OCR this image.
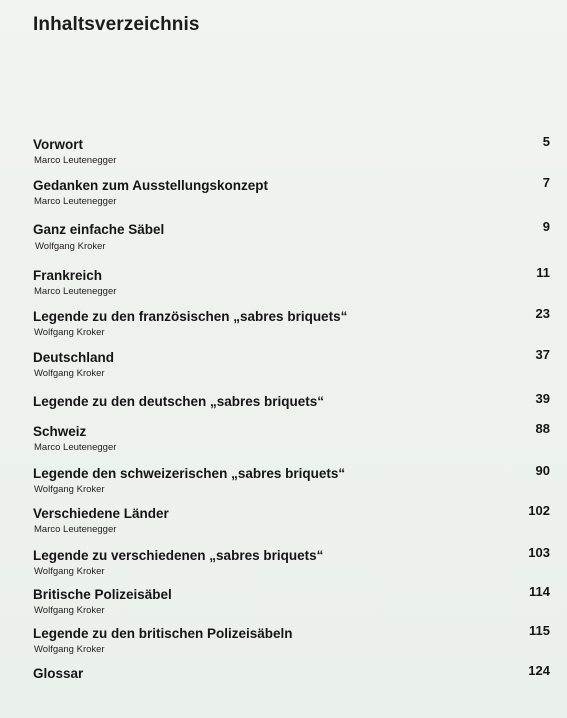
Inhaltsverzeichnis
Vorwort
Marco Leutenegger
5
Gedanken zum Ausstellungskonzept
Marco Leutenegger
7
Ganz einfache Säbel
Wolfgang Kroker
9
Frankreich
Marco Leutenegger
11
Legende zu den französischen „sabres briquets“
Wolfgang Kroker
23
Deutschland
Wolfgang Kroker
37
Legende zu den deutschen „sabres briquets“	39
Schweiz
Marco Leutenegger
88
Legende den schweizerischen „sabres briquets“
Wolfgang Kroker
90
Verschiedene Länder
Marco Leutenegger
102
Legende zu verschiedenen „sabres briquets“
Wolfgang Kroker
103
Britische Polizeisäbel
Wolfgang Kroker
114
Legende zu den britischen Polizeisäbeln
Wolfgang Kroker
115
Glossar	124
